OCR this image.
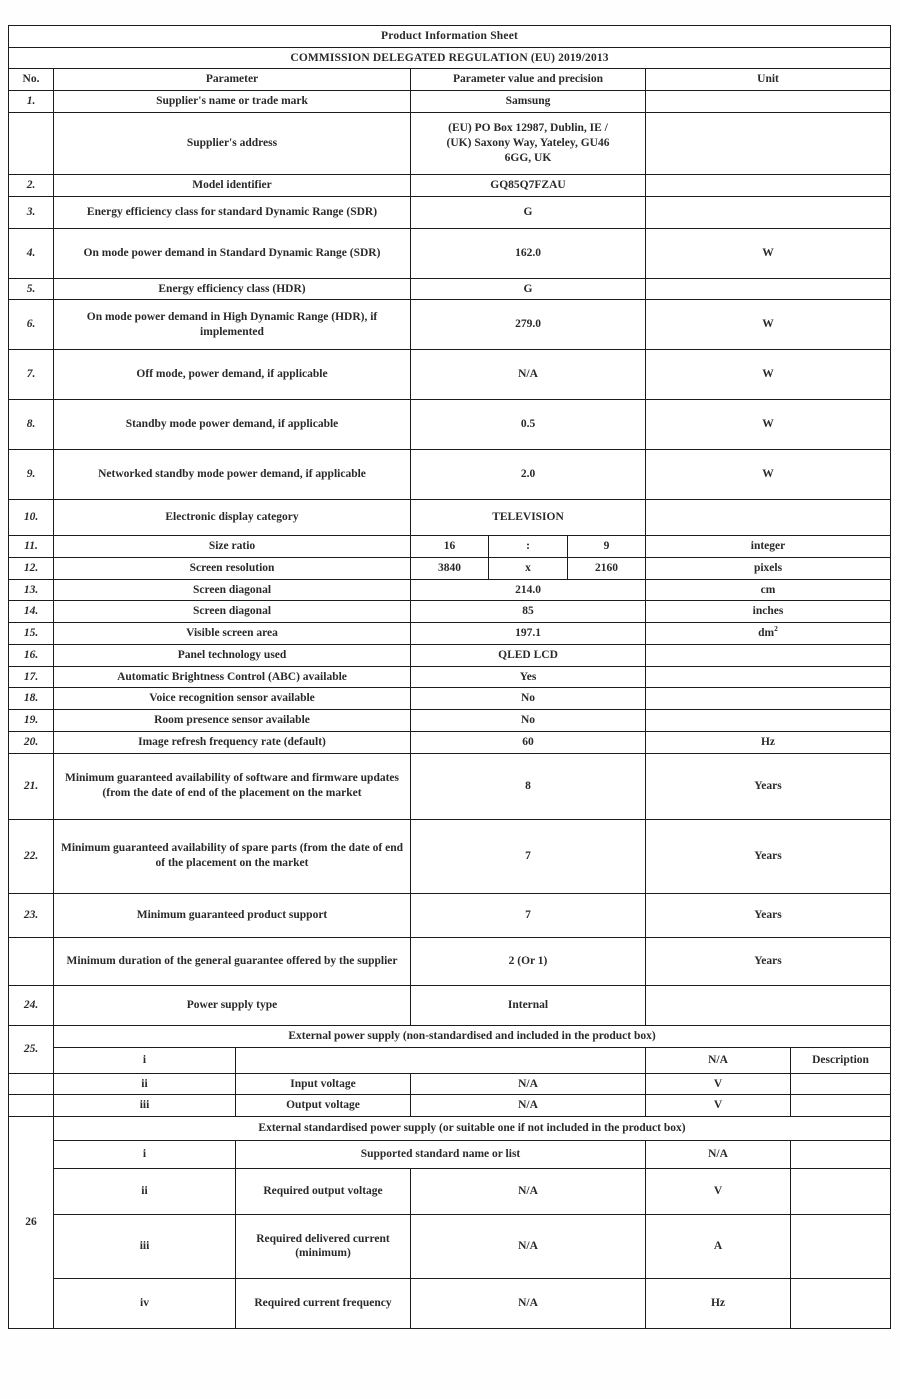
Product Information Sheet							
COMMISSION DELEGATED REGULATION (EU) 2019/2013							
No.	Parameter		Parameter value and precision			Unit	
1.	Supplier's name or trade mark		Samsung				
	Supplier's address		(EU) PO Box 12987, Dublin, IE /
(UK) Saxony Way, Yateley, GU46
6GG, UK				

2.	Model identifier		GQ85Q7FZAU				
3.	Energy efficiency class for standard Dynamic Range (SDR)		G				
4.	On mode power demand in Standard Dynamic Range (SDR)		162.0			W	
5.	Energy efficiency class (HDR)		G				
6.	On mode power demand in High Dynamic Range (HDR), if implemented		279.0			W	
7.	Off mode, power demand, if applicable		N/A			W	
8.	Standby mode power demand, if applicable		0.5			W	
9.	Networked standby mode power demand, if applicable		2.0			W	
10.	Electronic display category		TELEVISION				
11.	Size ratio		16	:	9	integer	
12.	Screen resolution		3840	x	2160	pixels	
13.	Screen diagonal		214.0			cm	
14.	Screen diagonal		85			inches	
15.	Visible screen area		197.1			$dm^2$
16.	Panel technology used		QLED LCD				
17.	Automatic Brightness Control (ABC) available		Yes				
18.	Voice recognition sensor available		No				
19.	Room presence sensor available		No				
20.	Image refresh frequency rate (default)		60			Hz	
21.	Minimum guaranteed availability of software and firmware updates (from the date of end of the placement on the market		8			Years	
22.	Minimum guaranteed availability of spare parts (from the date of end of the placement on the market		7			Years	
23.	Minimum guaranteed product support		7			Years	
	Minimum duration of the general guarantee offered by the supplier		2 (Or 1)			Years	
24.	Power supply type		Internal				
25.	External power supply (non-standardised and included in the product box)						
	i					N/A	Description
	ii	Input voltage	N/A			V	
	iii	Output voltage	N/A			V	
26	External standardised power supply (or suitable one if not included in the product box)						
	i	Supported standard name or list				N/A	
	ii	Required output voltage	N/A			V	
	iii	Required delivered current (minimum)	N/A			A	
	iv	Required current frequency	N/A			Hz	
